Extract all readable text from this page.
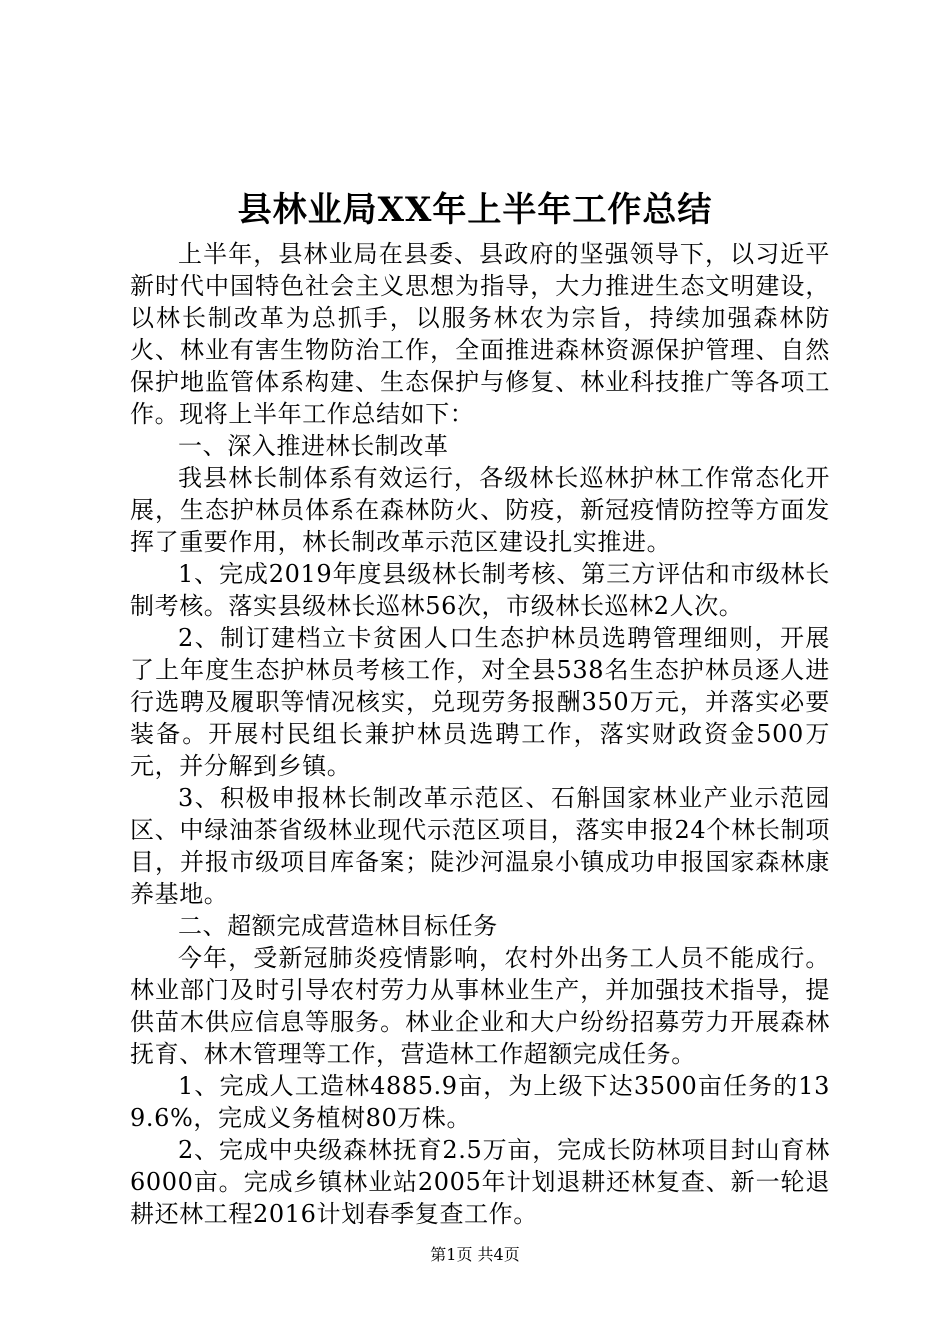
县林业局XX年上半年工作总结

上半年，县林业局在县委、县政府的坚强领导下，以习近平新时代中国特色社会主义思想为指导，大力推进生态文明建设，以林长制改革为总抓手，以服务林农为宗旨，持续加强森林防火、林业有害生物防治工作，全面推进森林资源保护管理、自然保护地监管体系构建、生态保护与修复、林业科技推广等各项工作。现将上半年工作总结如下：

一、深入推进林长制改革

我县林长制体系有效运行，各级林长巡林护林工作常态化开展，生态护林员体系在森林防火、防疫，新冠疫情防控等方面发挥了重要作用，林长制改革示范区建设扎实推进。

1、完成2019年度县级林长制考核、第三方评估和市级林长制考核。落实县级林长巡林56次，市级林长巡林2人次。

2、制订建档立卡贫困人口生态护林员选聘管理细则，开展了上年度生态护林员考核工作，对全县538名生态护林员逐人进行选聘及履职等情况核实，兑现劳务报酬350万元，并落实必要装备。开展村民组长兼护林员选聘工作，落实财政资金500万元，并分解到乡镇。

3、积极申报林长制改革示范区、石斛国家林业产业示范园区、中绿油茶省级林业现代示范区项目，落实申报24个林长制项目，并报市级项目库备案；陡沙河温泉小镇成功申报国家森林康养基地。

二、超额完成营造林目标任务

今年，受新冠肺炎疫情影响，农村外出务工人员不能成行。林业部门及时引导农村劳力从事林业生产，并加强技术指导，提供苗木供应信息等服务。林业企业和大户纷纷招募劳力开展森林抚育、林木管理等工作，营造林工作超额完成任务。

1、完成人工造林4885.9亩，为上级下达3500亩任务的139.6%，完成义务植树80万株。

2、完成中央级森林抚育2.5万亩，完成长防林项目封山育林6000亩。完成乡镇林业站2005年计划退耕还林复查、新一轮退耕还林工程2016计划春季复查工作。

第1页 共4页
